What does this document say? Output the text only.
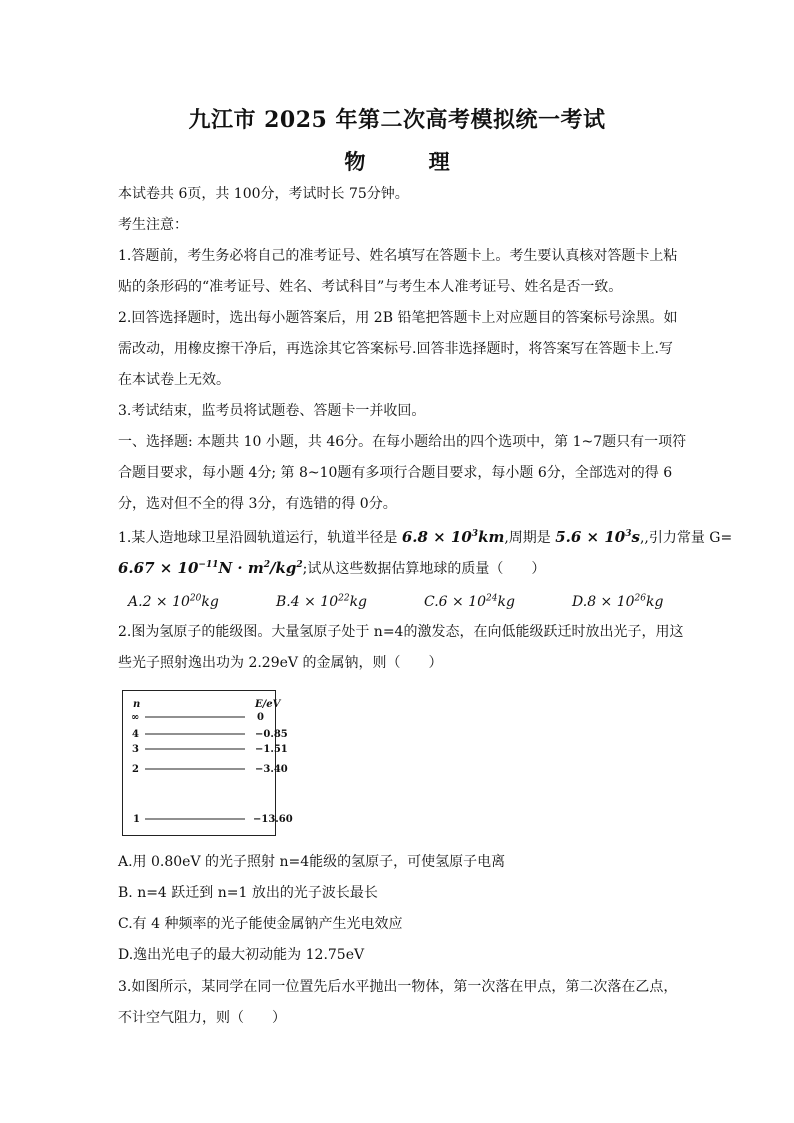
九江市 2025 年第二次高考模拟统一考试
物 理
本试卷共 6页，共 100分，考试时长 75分钟。
考生注意：
1.答题前，考生务必将自己的准考证号、姓名填写在答题卡上。考生要认真核对答题卡上粘
贴的条形码的“准考证号、姓名、考试科目”与考生本人准考证号、姓名是否一致。
2.回答选择题时，选出每小题答案后，用 2B 铅笔把答题卡上对应题目的答案标号涂黑。如
需改动，用橡皮擦干净后，再选涂其它答案标号.回答非选择题时，将答案写在答题卡上.写
在本试卷上无效。
3.考试结束，监考员将试题卷、答题卡一并收回。
一、选择题: 本题共 10 小题，共 46分。在每小题给出的四个选项中，第 1~7题只有一项符
合题目要求，每小题 4分; 第 8~10题有多项行合题目要求，每小题 6分，全部选对的得 6
分，选对但不全的得 3分，有选错的得 0分。
1.某人造地球卫星沿圆轨道运行，轨道半径是 $6.8 \times 10^3km$,周期是 $5.6 \times 10^3s$,,引力常量 G=
$6.67 \times 10^{-11}N \cdot m^2/kg^2$;试从这些数据估算地球的质量（　　）
$A.2 \times 10^{20}kg$	$B.4 \times 10^{22}kg$	$C.6 \times 10^{24}kg$	$D.8 \times 10^{26}kg$
2.图为氢原子的能级图。大量氢原子处于 n=4的激发态，在向低能级跃迁时放出光子，用这
些光子照射逸出功为 2.29eV 的金属钠，则（　　）
n	E/eV
∞	0
4	−0.85
3	−1.51
2	−3.40
1	−13.60
A.用 0.80eV 的光子照射 n=4能级的氢原子，可使氢原子电离
B. n=4 跃迁到 n=1 放出的光子波长最长
C.有 4 种频率的光子能使金属钠产生光电效应
D.逸出光电子的最大初动能为 12.75eV
3.如图所示，某同学在同一位置先后水平抛出一物体，第一次落在甲点，第二次落在乙点，
不计空气阻力，则（　　）
